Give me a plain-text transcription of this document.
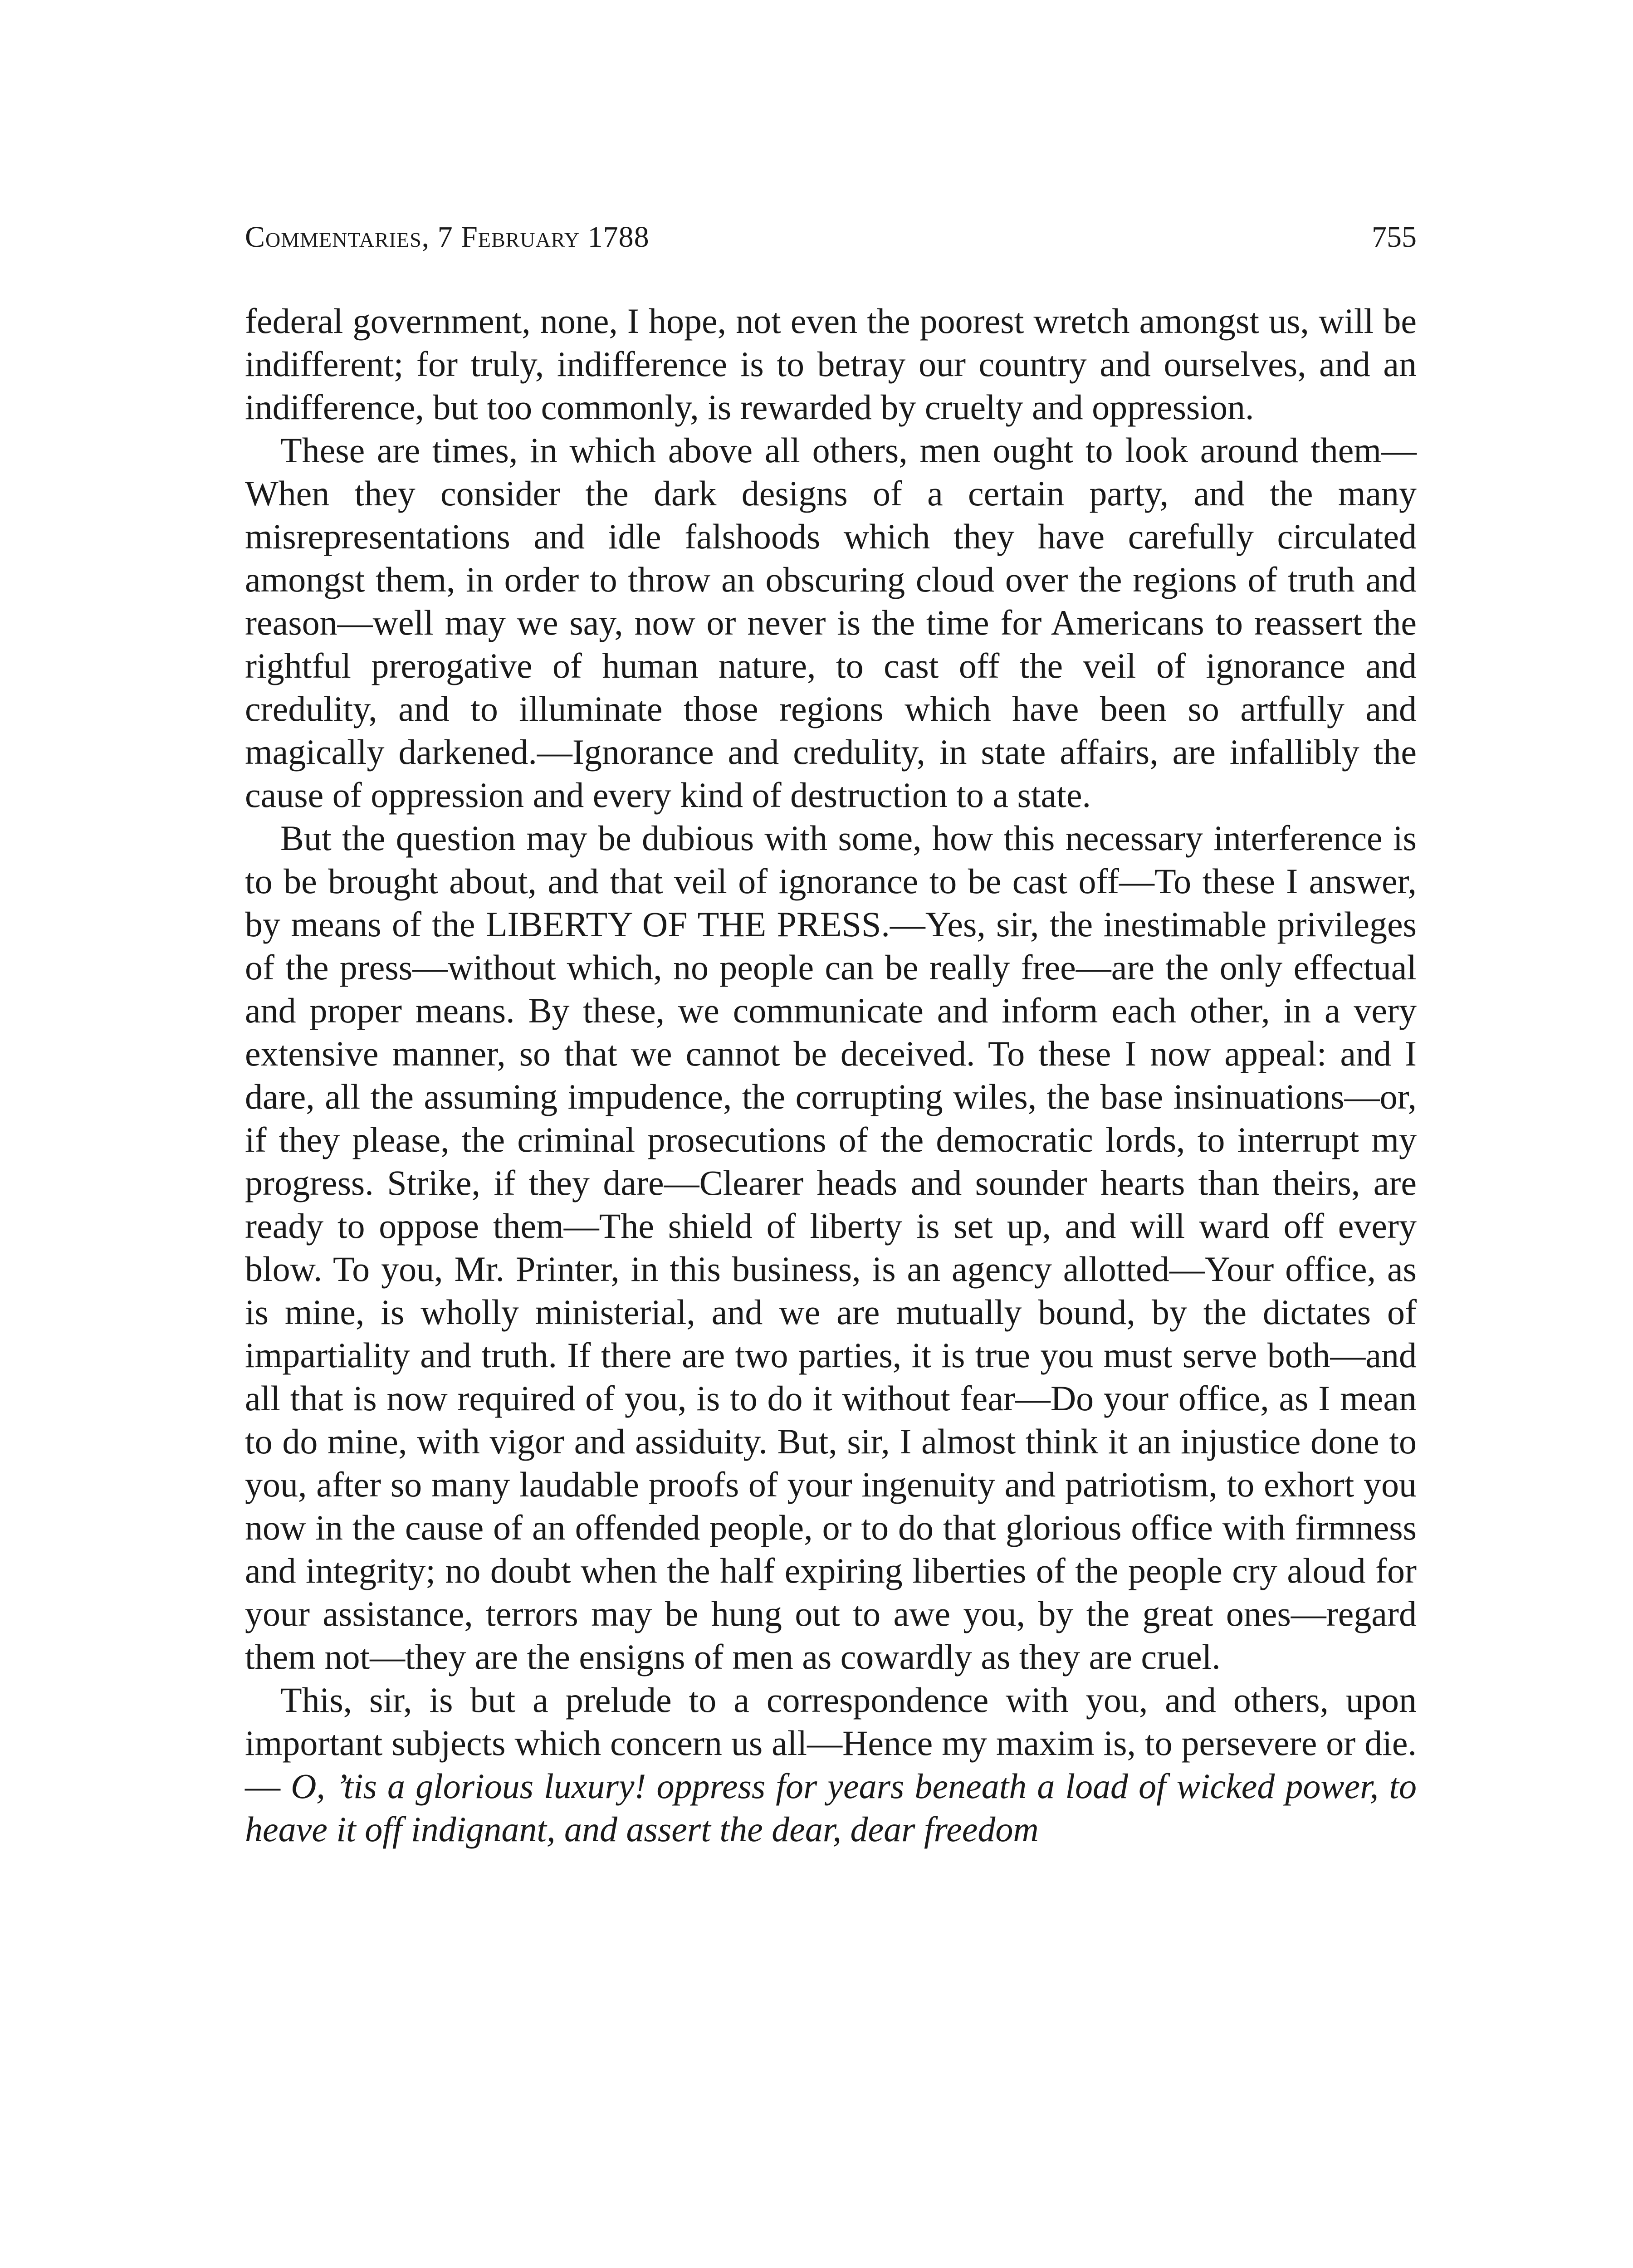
Commentaries, 7 February 1788	755

federal government, none, I hope, not even the poorest wretch amongst us, will be indifferent; for truly, indifference is to betray our country and ourselves, and an indifference, but too commonly, is rewarded by cruelty and oppression.

These are times, in which above all others, men ought to look around them—When they consider the dark designs of a certain party, and the many misrepresentations and idle falshoods which they have carefully circulated amongst them, in order to throw an obscuring cloud over the regions of truth and reason—well may we say, now or never is the time for Americans to reassert the rightful prerogative of human nature, to cast off the veil of ignorance and credulity, and to illuminate those regions which have been so artfully and magically darkened.—Ignorance and credulity, in state affairs, are infallibly the cause of oppression and every kind of destruction to a state.

But the question may be dubious with some, how this necessary interference is to be brought about, and that veil of ignorance to be cast off—To these I answer, by means of the LIBERTY OF THE PRESS.—Yes, sir, the inestimable privileges of the press—without which, no people can be really free—are the only effectual and proper means. By these, we communicate and inform each other, in a very extensive manner, so that we cannot be deceived. To these I now appeal: and I dare, all the assuming impudence, the corrupting wiles, the base insinuations—or, if they please, the criminal prosecutions of the democratic lords, to interrupt my progress. Strike, if they dare—Clearer heads and sounder hearts than theirs, are ready to oppose them—The shield of liberty is set up, and will ward off every blow. To you, Mr. Printer, in this business, is an agency allotted—Your office, as is mine, is wholly ministerial, and we are mutually bound, by the dictates of impartiality and truth. If there are two parties, it is true you must serve both—and all that is now required of you, is to do it without fear—Do your office, as I mean to do mine, with vigor and assiduity. But, sir, I almost think it an injustice done to you, after so many laudable proofs of your ingenuity and patriotism, to exhort you now in the cause of an offended people, or to do that glorious office with firmness and integrity; no doubt when the half expiring liberties of the people cry aloud for your assistance, terrors may be hung out to awe you, by the great ones—regard them not—they are the ensigns of men as cowardly as they are cruel.

This, sir, is but a prelude to a correspondence with you, and others, upon important subjects which concern us all—Hence my maxim is, to persevere or die.— O, ’tis a glorious luxury! oppress for years beneath a load of wicked power, to heave it off indignant, and assert the dear, dear freedom
